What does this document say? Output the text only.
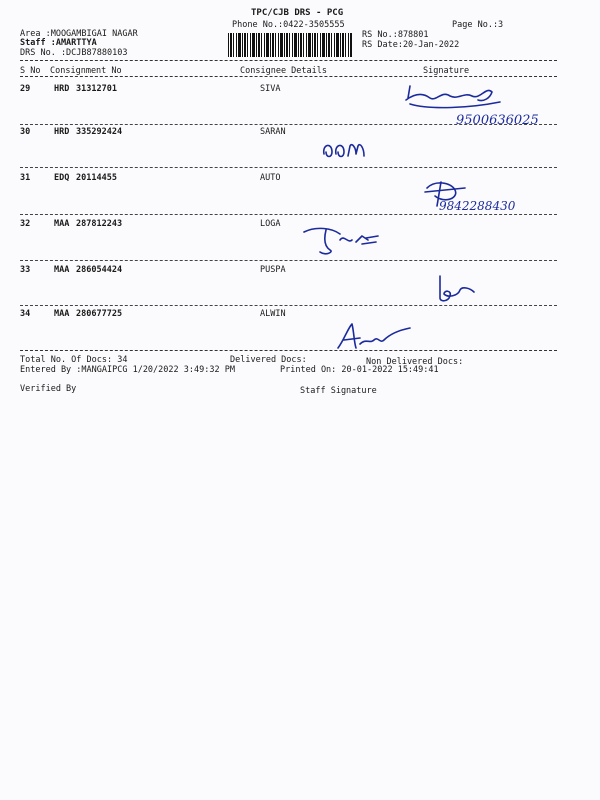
TPC/CJB DRS - PCG
Phone No.:0422-3505555	Page No.:3
Area :MOOGAMBIGAI NAGAR
Staff :AMARTTYA
DRS No. :DCJB87880103
RS No.:878801
RS Date:20-Jan-2022
S No Consignment No	Consignee Details	Signature
29	HRD 31312701	SIVA
9500636025
30	HRD 335292424	SARAN
31	EDQ 20114455	AUTO
9842288430
32	MAA 287812243	LOGA
33	MAA 286054424	PUSPA
34	MAA 280677725	ALWIN
Total No. Of Docs: 34	Delivered Docs:	Non Delivered Docs:
Entered By :MANGAIPCG 1/20/2022 3:49:32 PM	Printed On: 20-01-2022 15:49:41
Verified By	Staff Signature
